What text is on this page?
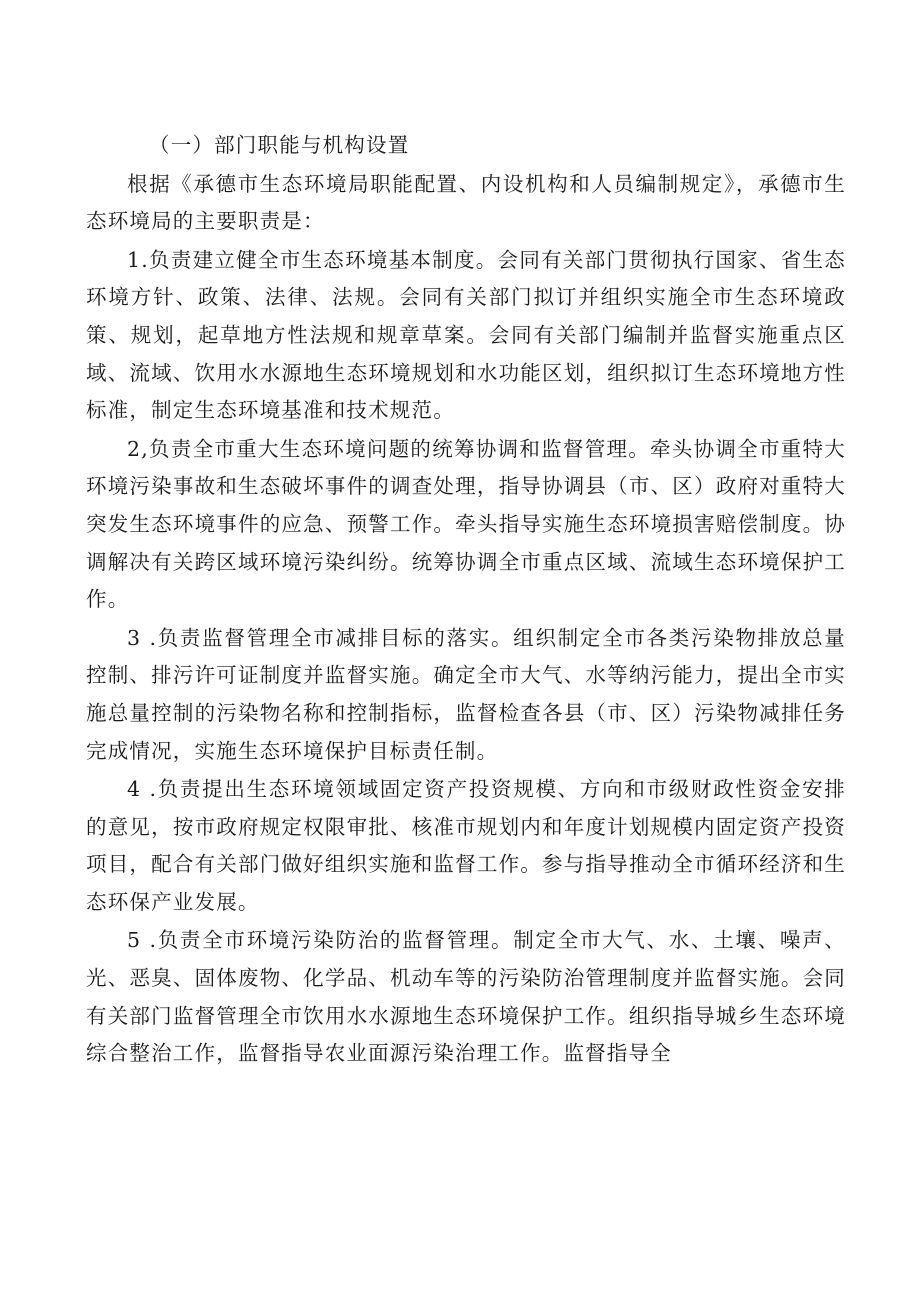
（一）部门职能与机构设置

根据《承德市生态环境局职能配置、内设机构和人员编制规定》，承德市生态环境局的主要职责是：

1.负责建立健全市生态环境基本制度。会同有关部门贯彻执行国家、省生态环境方针、政策、法律、法规。会同有关部门拟订并组织实施全市生态环境政策、规划，起草地方性法规和规章草案。会同有关部门编制并监督实施重点区域、流域、饮用水水源地生态环境规划和水功能区划，组织拟订生态环境地方性标准，制定生态环境基准和技术规范。

2,负责全市重大生态环境问题的统筹协调和监督管理。牵头协调全市重特大环境污染事故和生态破坏事件的调查处理，指导协调县（市、区）政府对重特大突发生态环境事件的应急、预警工作。牵头指导实施生态环境损害赔偿制度。协调解决有关跨区域环境污染纠纷。统筹协调全市重点区域、流域生态环境保护工作。

3 .负责监督管理全市减排目标的落实。组织制定全市各类污染物排放总量控制、排污许可证制度并监督实施。确定全市大气、水等纳污能力，提出全市实施总量控制的污染物名称和控制指标，监督检查各县（市、区）污染物减排任务完成情况，实施生态环境保护目标责任制。

4 .负责提出生态环境领域固定资产投资规模、方向和市级财政性资金安排的意见，按市政府规定权限审批、核准市规划内和年度计划规模内固定资产投资项目，配合有关部门做好组织实施和监督工作。参与指导推动全市循环经济和生态环保产业发展。

5 .负责全市环境污染防治的监督管理。制定全市大气、水、土壤、噪声、光、恶臭、固体废物、化学品、机动车等的污染防治管理制度并监督实施。会同有关部门监督管理全市饮用水水源地生态环境保护工作。组织指导城乡生态环境综合整治工作，监督指导农业面源污染治理工作。监督指导全
